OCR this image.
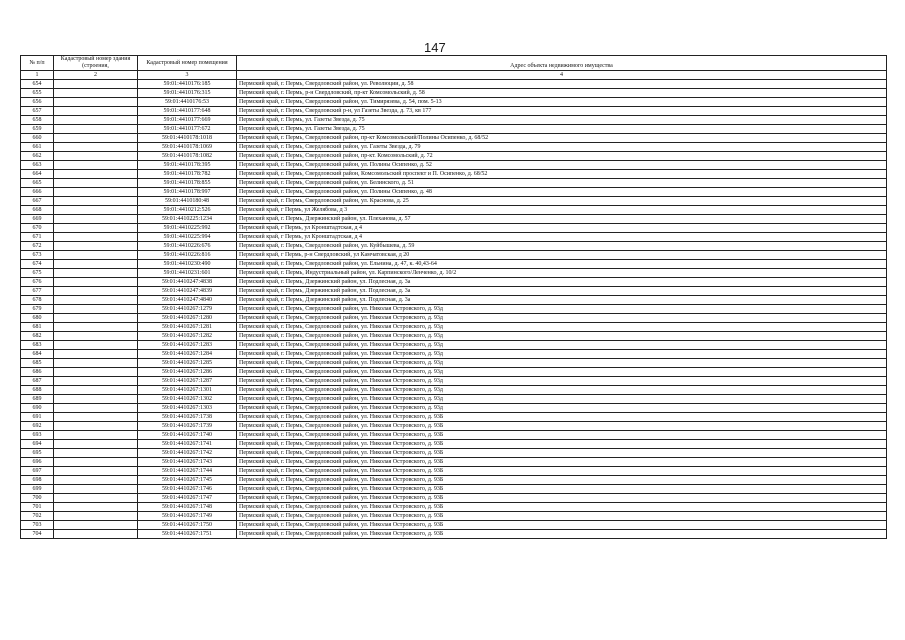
147
№ п/п	Кадастровый номер здания (строения,	Кадастровый номер помещения	Адрес объекта недвижимого имущества
1	2	3	4
654		59:01:4410176:185	Пермский край, г. Пермь, Свердловский район, ул. Революции, д. 58
655		59:01:4410176:315	Пермский край, г. Пермь, р-н Свердловский, пр-кт Комсомольский, д. 58
656		59:01:4410176:53	Пермский край, г. Пермь, Свердловский район, ул. Тимирязева, д. 54, пом. 5-13
657		59:01:4410177:648	Пермский край, г. Пермь, Свердловский р-н, ул Газеты Звезда, д. 73, кв 177
658		59:01:4410177:669	Пермский край, г. Пермь, ул. Газеты Звезда, д. 75
659		59:01:4410177:672	Пермский край, г. Пермь, ул. Газеты Звезда, д. 75
660		59:01:4410178:1018	Пермский край, г. Пермь, Свердловский район, пр-кт Комсомольский/Полины Осипенко, д. 68/52
661		59:01:4410178:1069	Пермский край, г. Пермь, Свердловский район, ул. Газеты Звезда, д. 79
662		59:01:4410178:1082	Пермский край, г. Пермь, Свердловский район, пр-кт. Комсомольский, д. 72
663		59:01:4410178:395	Пермский край, г. Пермь, Свердловский район, ул. Полины Осипенко, д. 52
664		59:01:4410178:782	Пермский край, г. Пермь, Свердловский район, Комсомольский проспект и П. Осипенко, д. 68/52
665		59:01:4410178:855	Пермский край, г. Пермь, Свердловский район, ул. Белинского, д. 51
666		59:01:4410178:997	Пермский край, г. Пермь, Свердловский район, ул. Полины Осипенко, д. 48
667		59:01:4410180:48	Пермский край, г. Пермь, Свердловский район, ул. Краснова, д. 25
668		59:01:4410212:526	Пермский край, г Пермь, ул Желябова, д 3
669		59:01:4410225:1234	Пермский край, г. Пермь, Дзержинский район, ул. Плеханова, д. 57
670		59:01:4410225:992	Пермский край, г Пермь, ул Кронштадтская, д 4
671		59:01:4410225:994	Пермский край, г Пермь, ул Кронштадтская, д 4
672		59:01:4410226:676	Пермский край, г. Пермь, Свердловский район, ул. Куйбышева, д. 59
673		59:01:4410226:816	Пермский край, г Пермь, р-н Свердловский, ул Камчатовская, д 20
674		59:01:4410230:490	Пермский край, г. Пермь, Свердловский район, ул. Ельнина, д. 47, к. 40,43-64
675		59:01:4410231:601	Пермский край, г. Пермь, Индустриальный район, ул. Карпинского/Ленченко, д. 10/2
676		59:01:4410247:4838	Пермский край, г. Пермь, Дзержинский район, ул. Подлесная, д. 3а
677		59:01:4410247:4839	Пермский край, г. Пермь, Дзержинский район, ул. Подлесная, д. 3а
678		59:01:4410247:4840	Пермский край, г. Пермь, Дзержинский район, ул. Подлесная, д. 3а
679		59:01:4410267:1279	Пермский край, г. Пермь, Свердловский район, ул. Николая Островского, д. 93д
680		59:01:4410267:1280	Пермский край, г. Пермь, Свердловский район, ул. Николая Островского, д. 93д
681		59:01:4410267:1281	Пермский край, г. Пермь, Свердловский район, ул. Николая Островского, д. 93д
682		59:01:4410267:1282	Пермский край, г. Пермь, Свердловский район, ул. Николая Островского, д. 93д
683		59:01:4410267:1283	Пермский край, г. Пермь, Свердловский район, ул. Николая Островского, д. 93д
684		59:01:4410267:1284	Пермский край, г. Пермь, Свердловский район, ул. Николая Островского, д. 93д
685		59:01:4410267:1285	Пермский край, г. Пермь, Свердловский район, ул. Николая Островского, д. 93д
686		59:01:4410267:1286	Пермский край, г. Пермь, Свердловский район, ул. Николая Островского, д. 93д
687		59:01:4410267:1287	Пермский край, г. Пермь, Свердловский район, ул. Николая Островского, д. 93д
688		59:01:4410267:1301	Пермский край, г. Пермь, Свердловский район, ул. Николая Островского, д. 93д
689		59:01:4410267:1302	Пермский край, г. Пермь, Свердловский район, ул. Николая Островского, д. 93д
690		59:01:4410267:1303	Пермский край, г. Пермь, Свердловский район, ул. Николая Островского, д. 93д
691		59:01:4410267:1738	Пермский край, г. Пермь, Свердловский район, ул. Николая Островского, д. 93Б
692		59:01:4410267:1739	Пермский край, г. Пермь, Свердловский район, ул. Николая Островского, д. 93Б
693		59:01:4410267:1740	Пермский край, г. Пермь, Свердловский район, ул. Николая Островского, д. 93Б
694		59:01:4410267:1741	Пермский край, г. Пермь, Свердловский район, ул. Николая Островского, д. 93Б
695		59:01:4410267:1742	Пермский край, г. Пермь, Свердловский район, ул. Николая Островского, д. 93Б
696		59:01:4410267:1743	Пермский край, г. Пермь, Свердловский район, ул. Николая Островского, д. 93Б
697		59:01:4410267:1744	Пермский край, г. Пермь, Свердловский район, ул. Николая Островского, д. 93Б
698		59:01:4410267:1745	Пермский край, г. Пермь, Свердловский район, ул. Николая Островского, д. 93Б
699		59:01:4410267:1746	Пермский край, г. Пермь, Свердловский район, ул. Николая Островского, д. 93Б
700		59:01:4410267:1747	Пермский край, г. Пермь, Свердловский район, ул. Николая Островского, д. 93Б
701		59:01:4410267:1748	Пермский край, г. Пермь, Свердловский район, ул. Николая Островского, д. 93Б
702		59:01:4410267:1749	Пермский край, г. Пермь, Свердловский район, ул. Николая Островского, д. 93Б
703		59:01:4410267:1750	Пермский край, г. Пермь, Свердловский район, ул. Николая Островского, д. 93Б
704		59:01:4410267:1751	Пермский край, г. Пермь, Свердловский район, ул. Николая Островского, д. 93Б
